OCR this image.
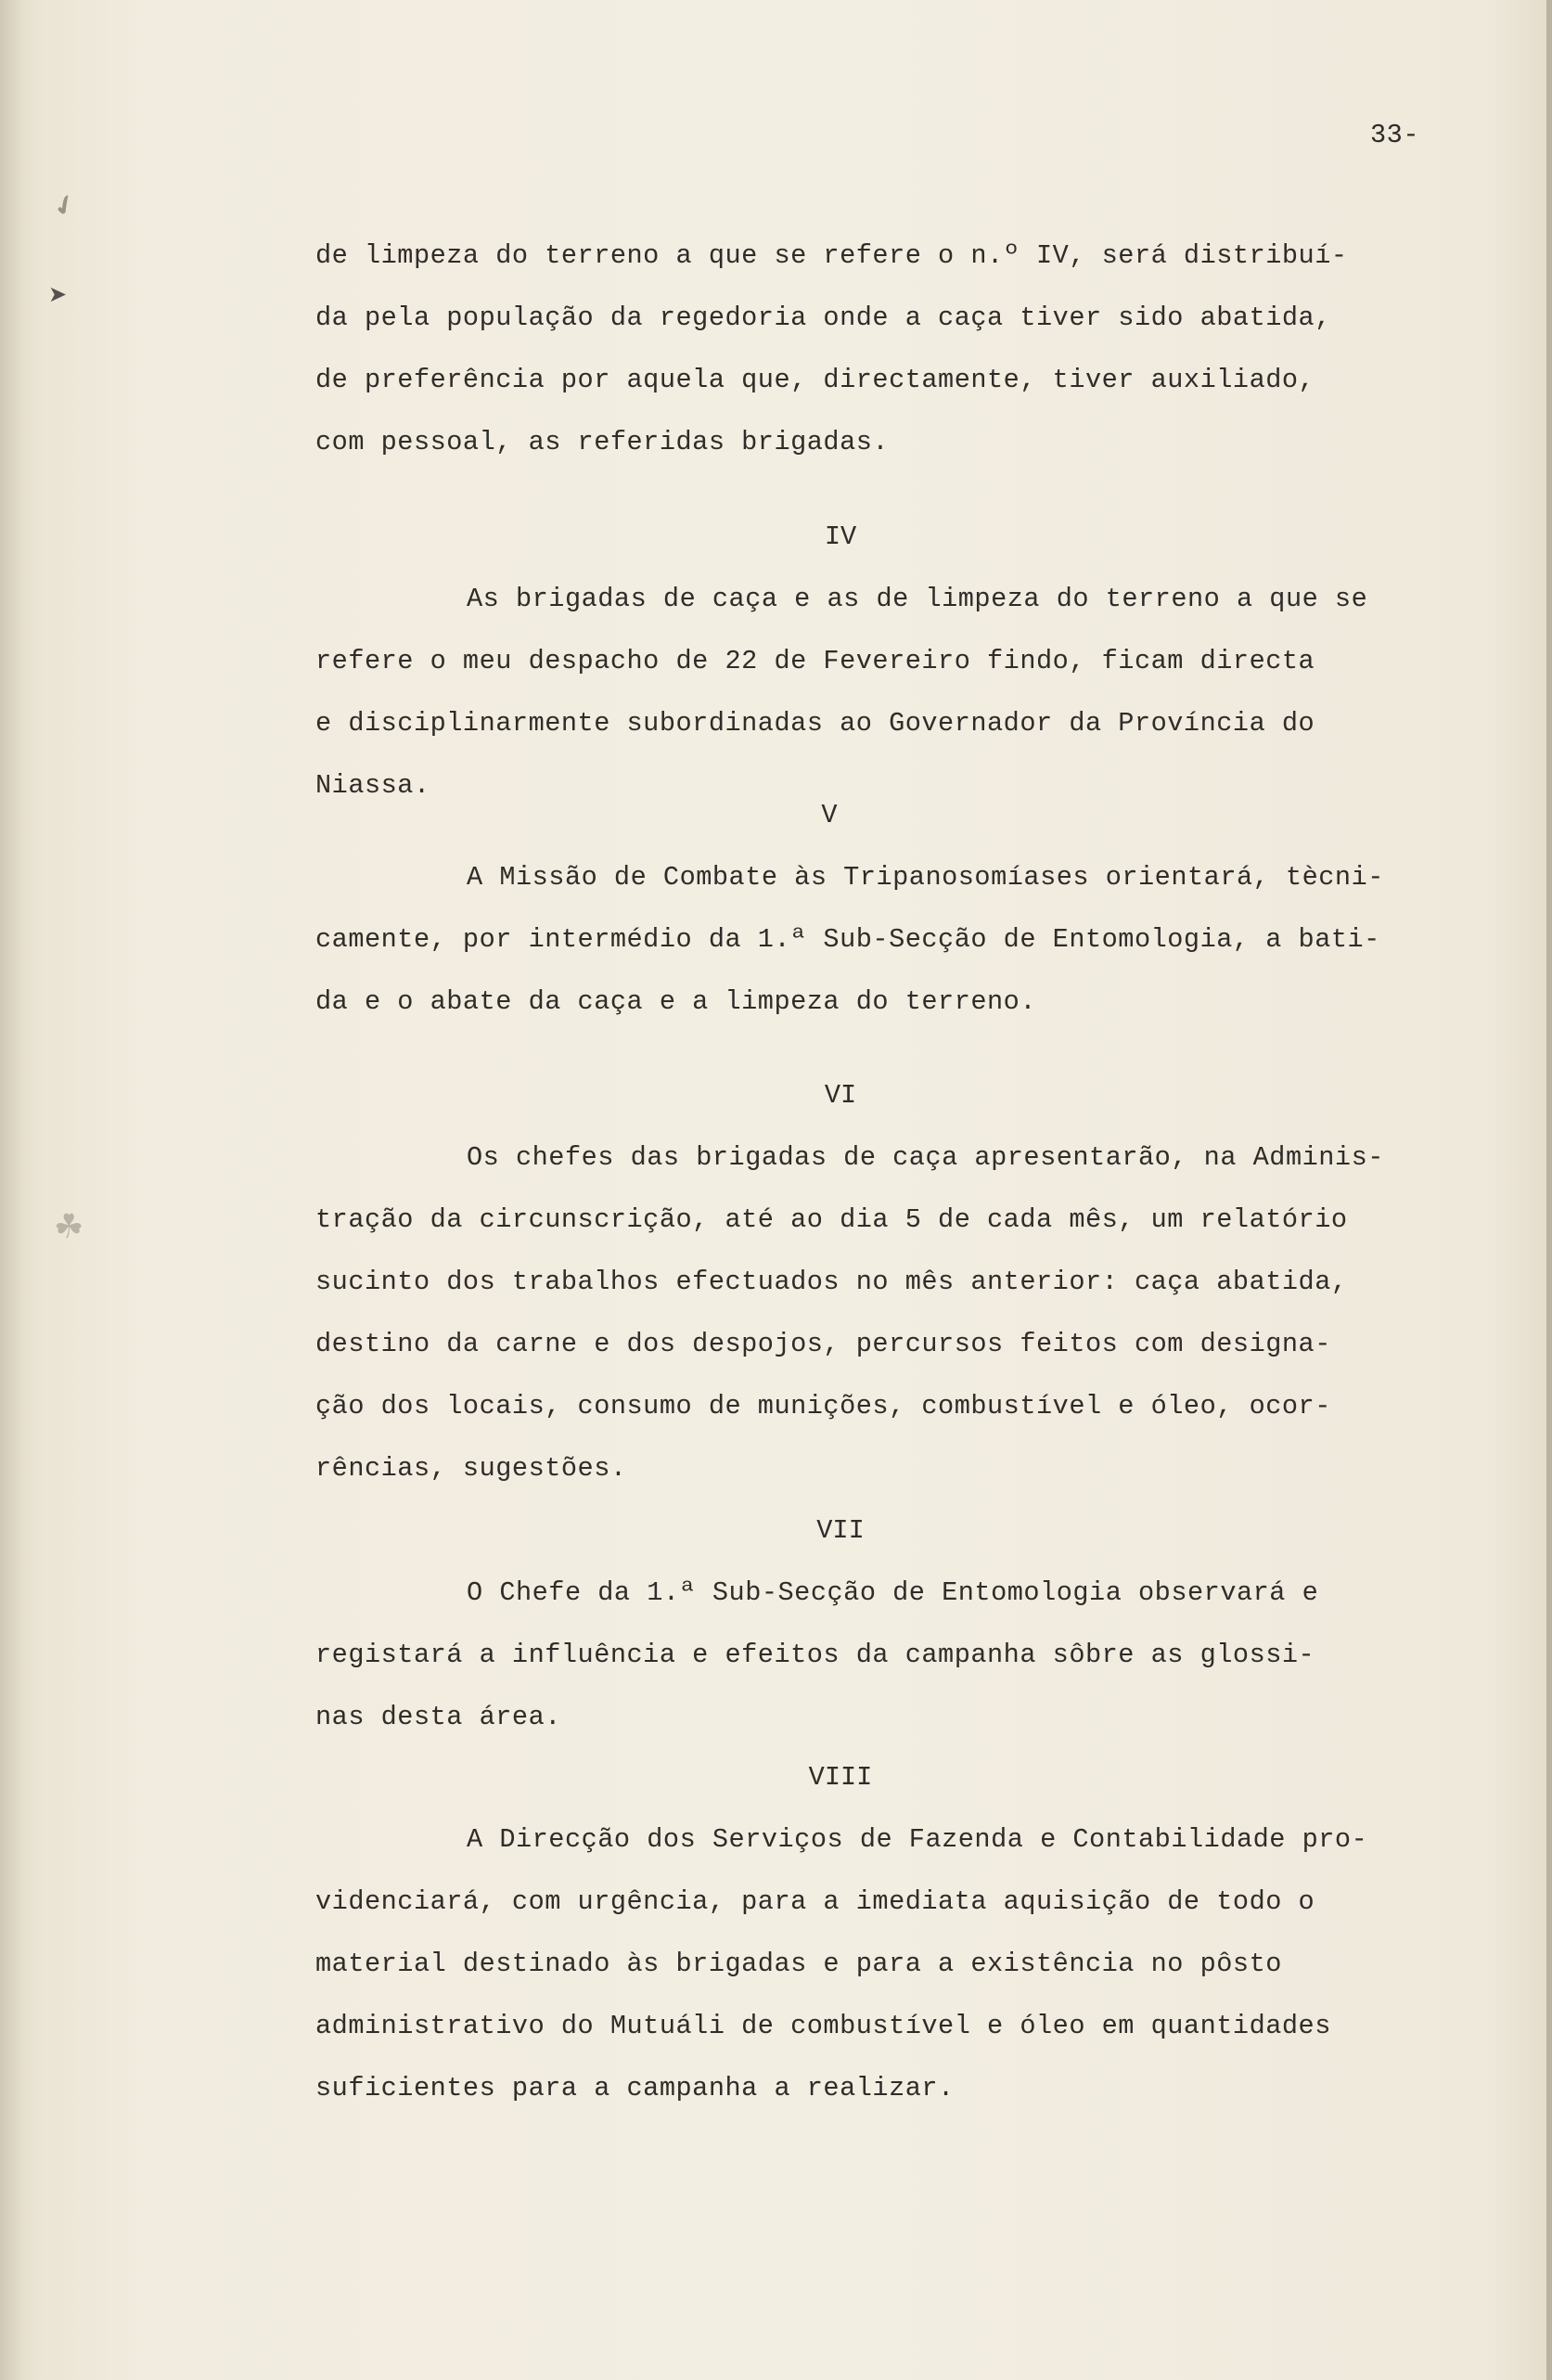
✔
➤
☘
33-
de limpeza do terreno a que se refere o n.º IV, será distribuí-
da pela população da regedoria onde a caça tiver sido abatida,
de preferência por aquela que, directamente, tiver auxiliado,
com pessoal, as referidas brigadas.
IV
As brigadas de caça e as de limpeza do terreno a que se
refere o meu despacho de 22 de Fevereiro findo, ficam directa
e disciplinarmente subordinadas ao Governador da Província do
Niassa.
V
A Missão de Combate às Tripanosomíases orientará, tècni-
camente, por intermédio da 1.ª Sub-Secção de Entomologia, a bati-
da e o abate da caça e a limpeza do terreno.
VI
Os chefes das brigadas de caça apresentarão, na Adminis-
tração da circunscrição, até ao dia 5 de cada mês, um relatório
sucinto dos trabalhos efectuados no mês anterior: caça abatida,
destino da carne e dos despojos, percursos feitos com designa-
ção dos locais, consumo de munições, combustível e óleo, ocor-
rências, sugestões.
VII
O Chefe da 1.ª Sub-Secção de Entomologia observará e
registará a influência e efeitos da campanha sôbre as glossi-
nas desta área.
VIII
A Direcção dos Serviços de Fazenda e Contabilidade pro-
videnciará, com urgência, para a imediata aquisição de todo o
material destinado às brigadas e para a existência no pôsto
administrativo do Mutuáli de combustível e óleo em quantidades
suficientes para a campanha a realizar.
